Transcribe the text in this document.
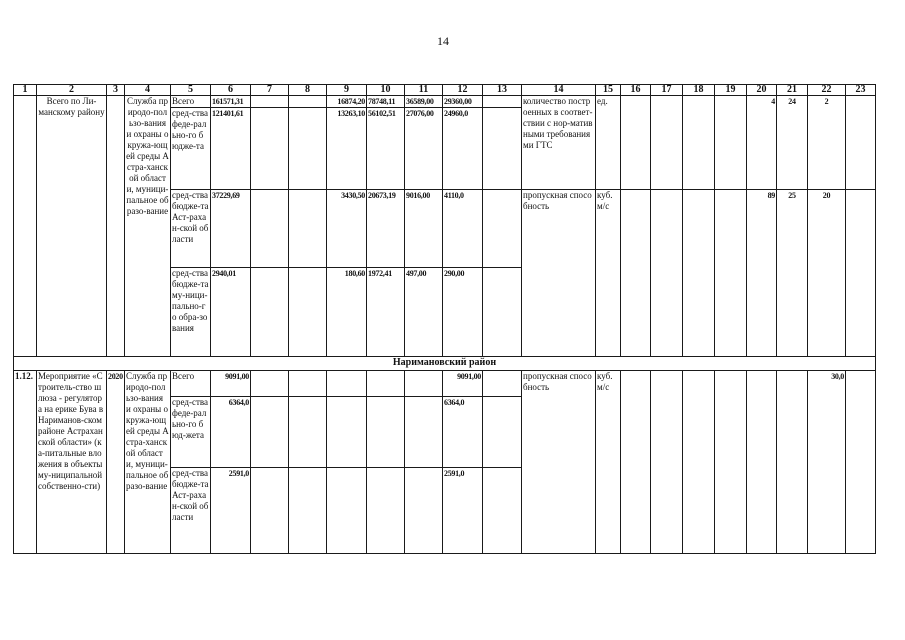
14
1	2	3	4	5	6	7	8	9	10	11	12	13	14	15	16	17	18	19	20	21	22	23
	Всего по Ли-манскому району		Служба природо-пользо-вания и охраны окружа-ющей среды Астра-ханской области, муници-пальное образо-вание	Всего	161571,31			16874,20	78748,11	36589,00	29360,00		количество построенных в соответ-ствии с нор-мативными требованиями ГТС	ед.					4	24	2	
				сред-ства феде-ральнo-го бюдже-та	121401,61			13263,10	56102,51	27076,00	24960,0											
				сред-ства бюдже-та Аст-рахан-ской области	37229,69			3430,50	20673,19	9016,00	4110,0		пропускная способность	куб. м/с					89	25	20	
				сред-ства бюдже-та му-ници-пально-го обра-зования	2940,01			180,60	1972,41	497,00	290,00											
Наримановский район																						
1.12.	Мероприятие «Строитель-ство шлюза - регулятора на ерике Бува в Нариманов-ском районе Астраханской области» (ка-питальные вложения в объекты му-ниципальной собственно-сти)	2020	Служба природо-пользо-вания и охраны окружа-ющей среды Астра-ханской области, муници-пальное образо-вание	Всего	9091,00						9091,00		пропускная способность	куб. м/с							30,0	
				сред-ства феде-ральнo-го бюд-жета	6364,0						6364,0											
				сред-ства бюдже-та Аст-рахан-ской области	2591,0						2591,0											
